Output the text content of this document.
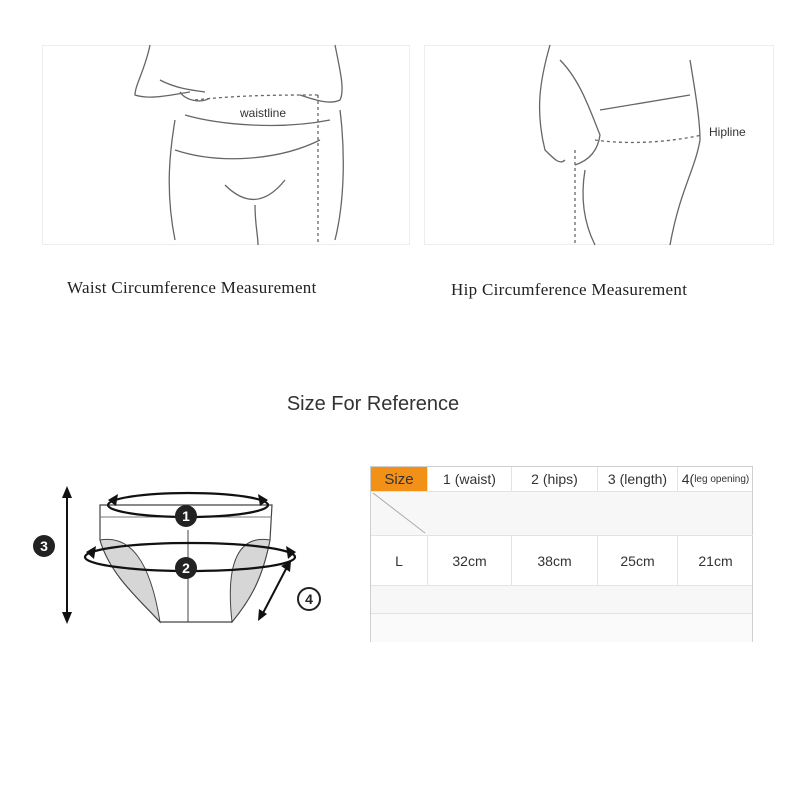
waistline
Hipline
Waist Circumference Measurement	Hip Circumference Measurement
Size For Reference
1
2
3
4
Size	1 (waist)	2 (hips)	3 (length)	4( leg opening)
L	32cm	38cm	25cm	21cm
